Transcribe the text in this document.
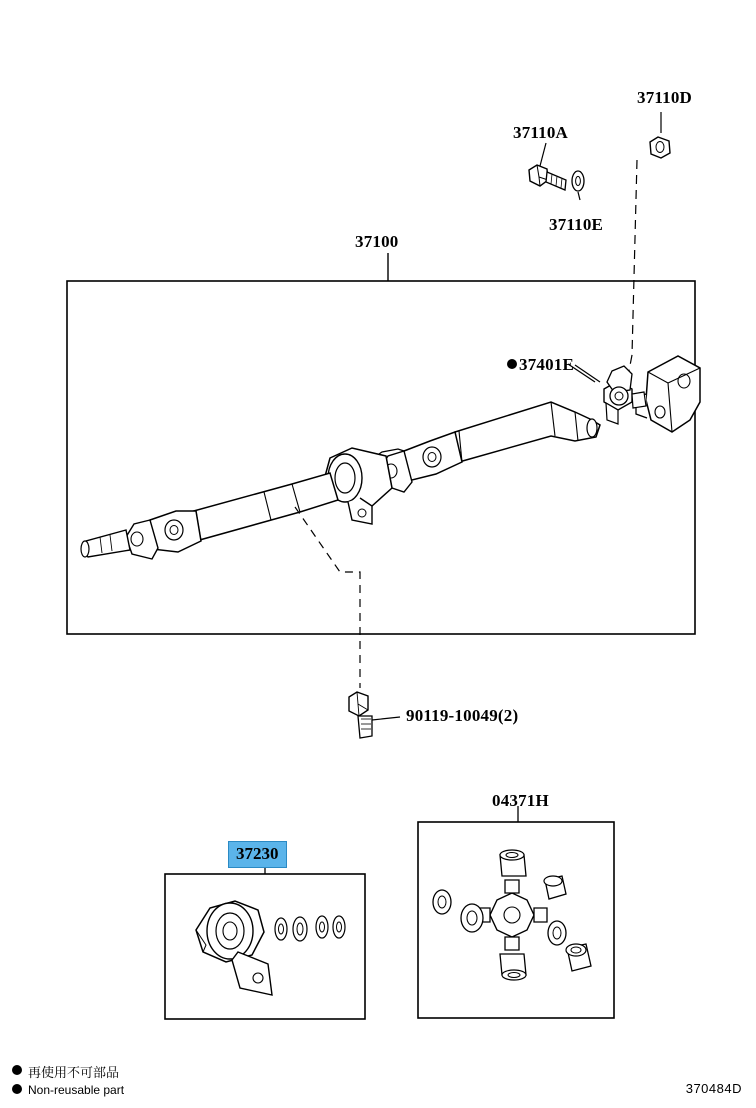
37110D
37110A
37110E
37100
37401E
90119-10049(2)
04371H
37230
再使用不可部品
Non-reusable part	370484D
